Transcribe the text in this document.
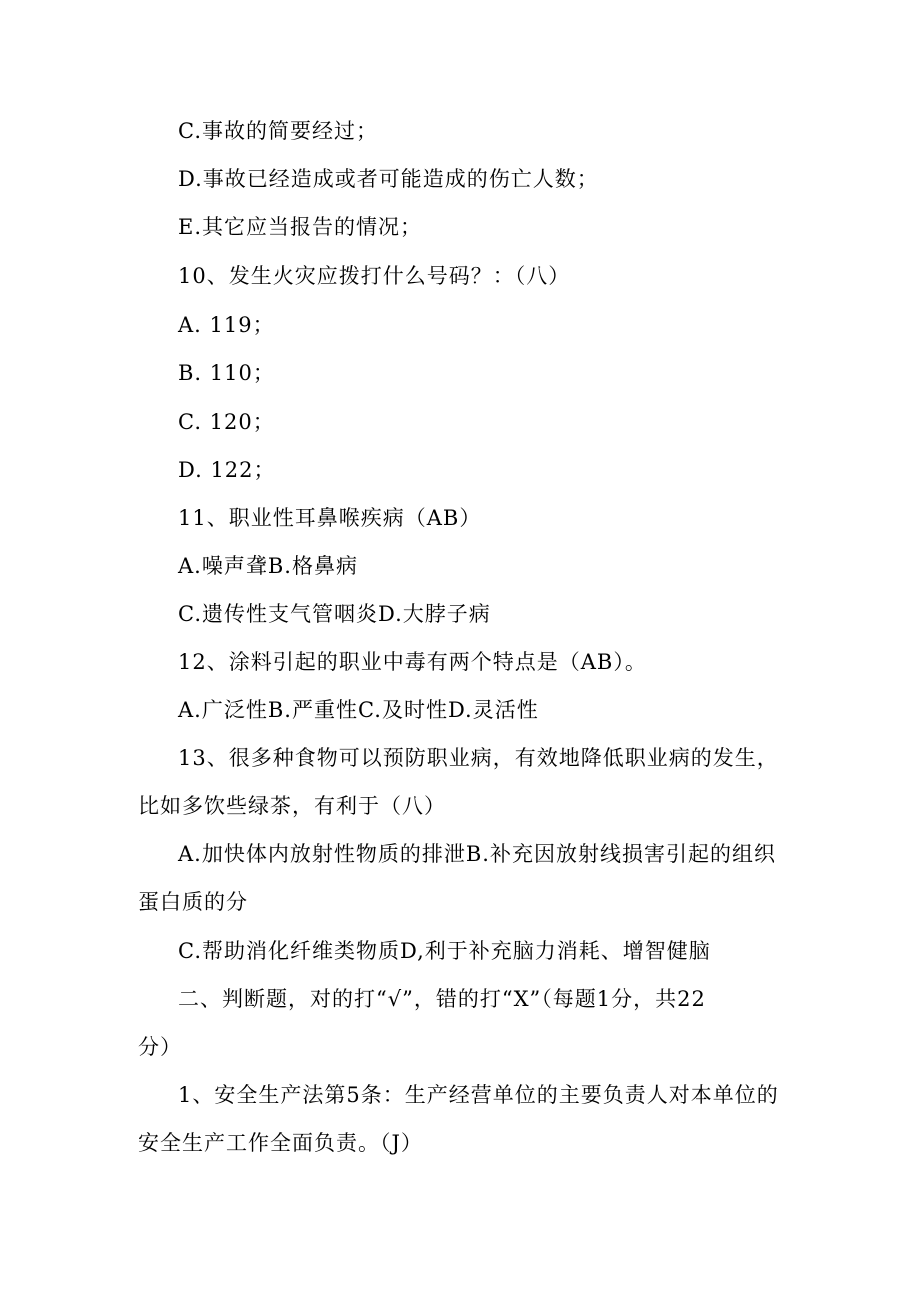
C.事故的简要经过；
D.事故已经造成或者可能造成的伤亡人数；
E.其它应当报告的情况；
10、发生火灾应拨打什么号码？：（八）
A. 119；
B. 110；
C. 120；
D. 122；
11、职业性耳鼻喉疾病（AB）
A.噪声聋B.格鼻病
C.遗传性支气管咽炎D.大脖子病
12、涂料引起的职业中毒有两个特点是（AB）。
A.广泛性B.严重性C.及时性D.灵活性
13、很多种食物可以预防职业病，有效地降低职业病的发生，
比如多饮些绿茶，有利于（八）
A.加快体内放射性物质的排泄B.补充因放射线损害引起的组织
蛋白质的分
C.帮助消化纤维类物质D,利于补充脑力消耗、增智健脑
二、判断题，对的打“√”，错的打“X”（每题1分，共22
分）
1、安全生产法第5条：生产经营单位的主要负责人对本单位的
安全生产工作全面负责。（J）
